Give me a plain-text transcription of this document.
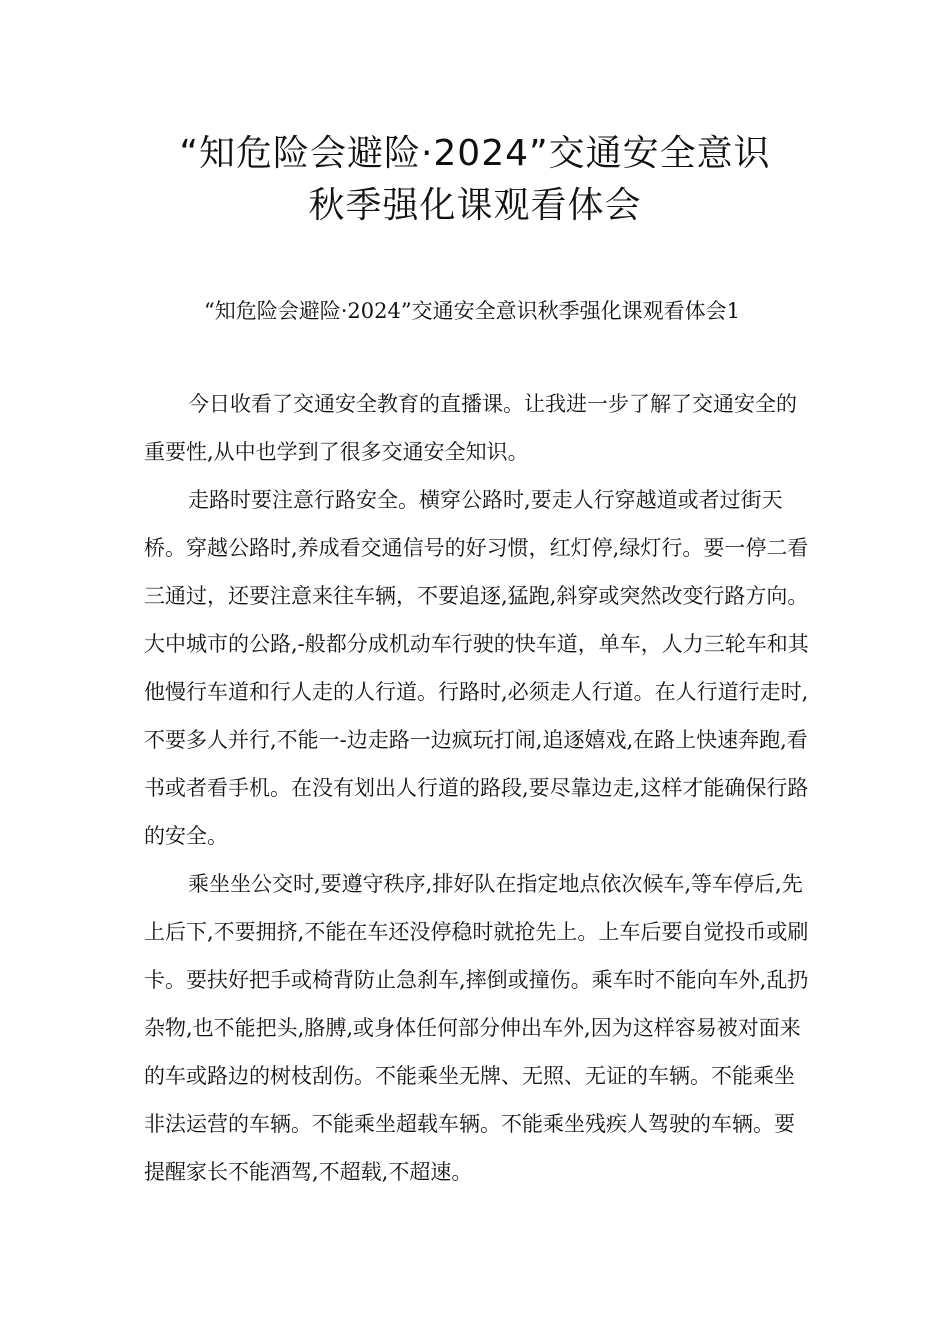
“知危险会避险·2024”交通安全意识
秋季强化课观看体会

“知危险会避险·2024”交通安全意识秋季强化课观看体会1

今日收看了交通安全教育的直播课。让我进一步了解了交通安全的重要性,从中也学到了很多交通安全知识。

走路时要注意行路安全。横穿公路时,要走人行穿越道或者过街天桥。穿越公路时,养成看交通信号的好习惯，红灯停,绿灯行。要一停二看三通过，还要注意来往车辆，不要追逐,猛跑,斜穿或突然改变行路方向。大中城市的公路,-般都分成机动车行驶的快车道，单车，人力三轮车和其他慢行车道和行人走的人行道。行路时,必须走人行道。在人行道行走时,不要多人并行,不能一-边走路一边疯玩打闹,追逐嬉戏,在路上快速奔跑,看书或者看手机。在没有划出人行道的路段,要尽靠边走,这样才能确保行路的安全。

乘坐坐公交时,要遵守秩序,排好队在指定地点依次候车,等车停后,先上后下,不要拥挤,不能在车还没停稳时就抢先上。上车后要自觉投币或刷卡。要扶好把手或椅背防止急刹车,摔倒或撞伤。乘车时不能向车外,乱扔杂物,也不能把头,胳膊,或身体任何部分伸出车外,因为这样容易被对面来的车或路边的树枝刮伤。不能乘坐无牌、无照、无证的车辆。不能乘坐非法运营的车辆。不能乘坐超载车辆。不能乘坐残疾人驾驶的车辆。要提醒家长不能酒驾,不超载,不超速。
